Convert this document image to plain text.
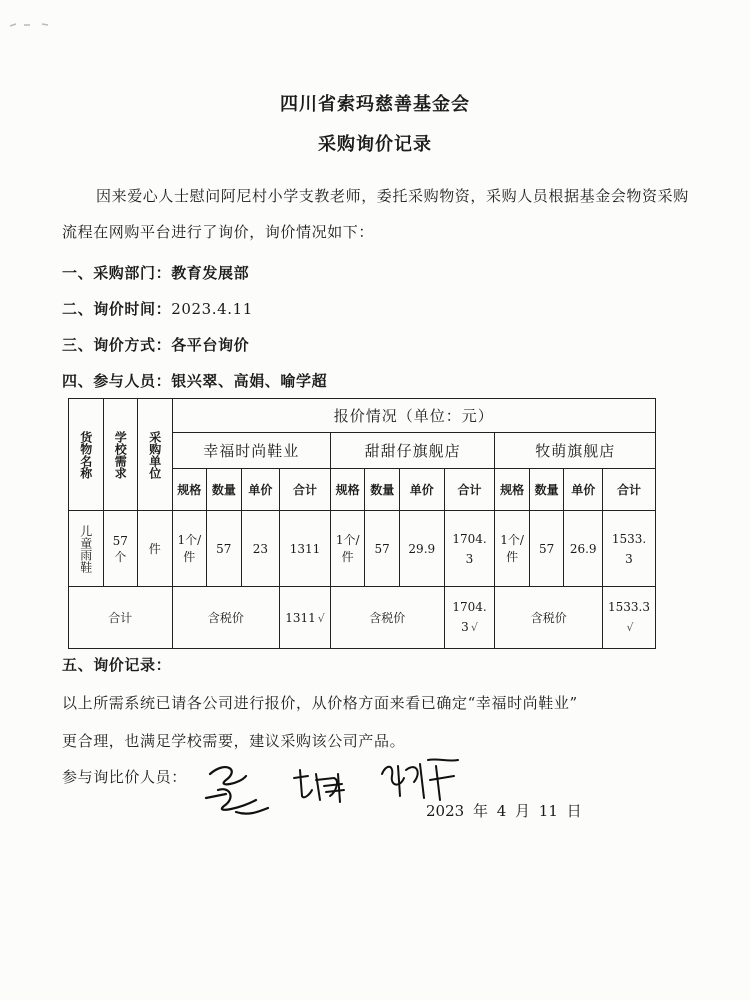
四川省索玛慈善基金会
采购询价记录
因来爱心人士慰问阿尼村小学支教老师，委托采购物资，采购人员根据基金会物资采购流程在网购平台进行了询价，询价情况如下：
一、采购部门：教育发展部
二、询价时间：2023.4.11
三、询价方式：各平台询价
四、参与人员：银兴翠、高娟、喻学超
货物名称	学校需求	采购单位	报价情况（单位：元）											
			幸福时尚鞋业				甜甜仔旗舰店				牧萌旗舰店			
			规格	数量	单价	合计	规格	数量	单价	合计	规格	数量	单价	合计

儿童雨鞋	57个	件	1个/件	57	23	1311	1个/件	57	29.9	1704.3	1个/件	57	26.9	1533.3

合计			含税价			1311 √	含税价			1704.3 √	含税价			1533.3√
五、询价记录：
以上所需系统已请各公司进行报价，从价格方面来看已确定“幸福时尚鞋业”
更合理，也满足学校需要，建议采购该公司产品。
参与询比价人员：
2023 年 4 月 11 日
